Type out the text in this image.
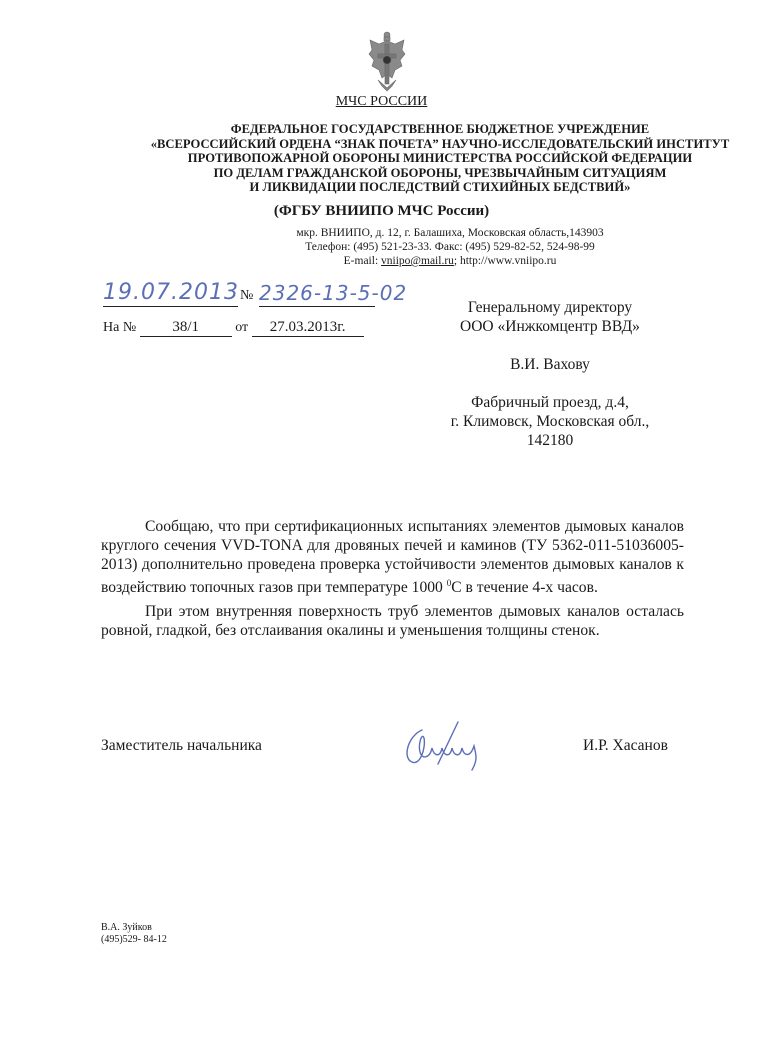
МЧС РОССИИ
ФЕДЕРАЛЬНОЕ ГОСУДАРСТВЕННОЕ БЮДЖЕТНОЕ УЧРЕЖДЕНИЕ
«ВСЕРОССИЙСКИЙ ОРДЕНА “ЗНАК ПОЧЕТА” НАУЧНО-ИССЛЕДОВАТЕЛЬСКИЙ ИНСТИТУТ
ПРОТИВОПОЖАРНОЙ ОБОРОНЫ МИНИСТЕРСТВА РОССИЙСКОЙ ФЕДЕРАЦИИ
ПО ДЕЛАМ ГРАЖДАНСКОЙ ОБОРОНЫ, ЧРЕЗВЫЧАЙНЫМ СИТУАЦИЯМ
И ЛИКВИДАЦИИ ПОСЛЕДСТВИЙ СТИХИЙНЫХ БЕДСТВИЙ»
(ФГБУ ВНИИПО МЧС России)
мкр. ВНИИПО, д. 12, г. Балашиха, Московская область,143903
Телефон: (495) 521-23-33. Факс: (495) 529-82-52, 524-98-99
E-mail: vniipo@mail.ru; http://www.vniipo.ru
19.07.2013 № 2326-13-5-02
На № 38/1	от 27.03.2013г.
Генеральному директору
ООО «Инжкомцентр ВВД»
В.И. Вахову
Фабричный проезд, д.4,
г. Климовск, Московская обл.,
142180

Сообщаю, что при сертификационных испытаниях элементов дымовых каналов круглого сечения VVD-TONA для дровяных печей и каминов (ТУ 5362-011-51036005-2013) дополнительно проведена проверка устойчивости элементов дымовых каналов к воздействию топочных газов при температуре 1000 $^0$C в течение 4-х часов.

При этом внутренняя поверхность труб элементов дымовых каналов осталась ровной, гладкой, без отслаивания окалины и уменьшения толщины стенок.

Заместитель начальника	И.Р. Хасанов
В.А. Зуйков
(495)529- 84-12
